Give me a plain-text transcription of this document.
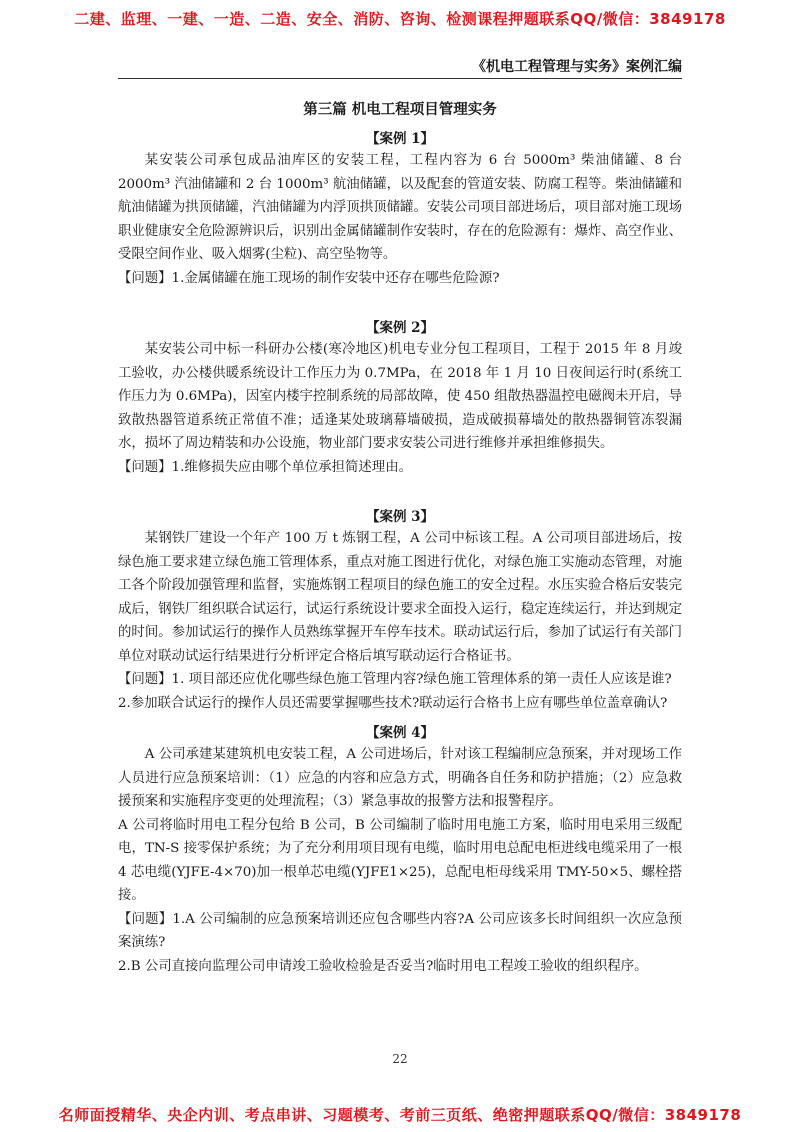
二建、监理、一建、一造、二造、安全、消防、咨询、检测课程押题联系QQ/微信：3849178
《机电工程管理与实务》案例汇编

第三篇 机电工程项目管理实务

【案例 1】

某安装公司承包成品油库区的安装工程，工程内容为 6 台 5000m³ 柴油储罐、8 台 2000m³ 汽油储罐和 2 台 1000m³ 航油储罐，以及配套的管道安装、防腐工程等。柴油储罐和航油储罐为拱顶储罐，汽油储罐为内浮顶拱顶储罐。安装公司项目部进场后，项目部对施工现场职业健康安全危险源辨识后，识别出金属储罐制作安装时，存在的危险源有：爆炸、高空作业、受限空间作业、吸入烟雾(尘粒)、高空坠物等。

【问题】1.金属储罐在施工现场的制作安装中还存在哪些危险源?

【案例 2】

某安装公司中标一科研办公楼(寒冷地区)机电专业分包工程项目，工程于 2015 年 8 月竣工验收，办公楼供暖系统设计工作压力为 0.7MPa，在 2018 年 1 月 10 日夜间运行时(系统工作压力为 0.6MPa)，因室内楼宇控制系统的局部故障，使 450 组散热器温控电磁阀未开启，导致散热器管道系统正常值不准；适逢某处玻璃幕墙破损，造成破损幕墙处的散热器铜管冻裂漏水，损坏了周边精装和办公设施，物业部门要求安装公司进行维修并承担维修损失。

【问题】1.维修损失应由哪个单位承担简述理由。

【案例 3】

某钢铁厂建设一个年产 100 万 t 炼钢工程，A 公司中标该工程。A 公司项目部进场后，按绿色施工要求建立绿色施工管理体系，重点对施工图进行优化，对绿色施工实施动态管理，对施工各个阶段加强管理和监督，实施炼钢工程项目的绿色施工的安全过程。水压实验合格后安装完成后，钢铁厂组织联合试运行，试运行系统设计要求全面投入运行，稳定连续运行，并达到规定的时间。参加试运行的操作人员熟练掌握开车停车技术。联动试运行后，参加了试运行有关部门单位对联动试运行结果进行分析评定合格后填写联动运行合格证书。

【问题】1. 项目部还应优化哪些绿色施工管理内容?绿色施工管理体系的第一责任人应该是谁?

2.参加联合试运行的操作人员还需要掌握哪些技术?联动运行合格书上应有哪些单位盖章确认?

【案例 4】

A 公司承建某建筑机电安装工程，A 公司进场后，针对该工程编制应急预案，并对现场工作人员进行应急预案培训：（1）应急的内容和应急方式，明确各自任务和防护措施；（2）应急救援预案和实施程序变更的处理流程；（3）紧急事故的报警方法和报警程序。

A 公司将临时用电工程分包给 B 公司，B 公司编制了临时用电施工方案，临时用电采用三级配电，TN-S 接零保护系统；为了充分利用项目现有电缆，临时用电总配电柜进线电缆采用了一根 4 芯电缆(YJFE-4×70)加一根单芯电缆(YJFE1×25)，总配电柜母线采用 TMY-50×5、螺栓搭接。

【问题】1.A 公司编制的应急预案培训还应包含哪些内容?A 公司应该多长时间组织一次应急预案演练?

2.B 公司直接向监理公司申请竣工验收检验是否妥当?临时用电工程竣工验收的组织程序。

22
名师面授精华、央企内训、考点串讲、习题模考、考前三页纸、绝密押题联系QQ/微信：3849178
